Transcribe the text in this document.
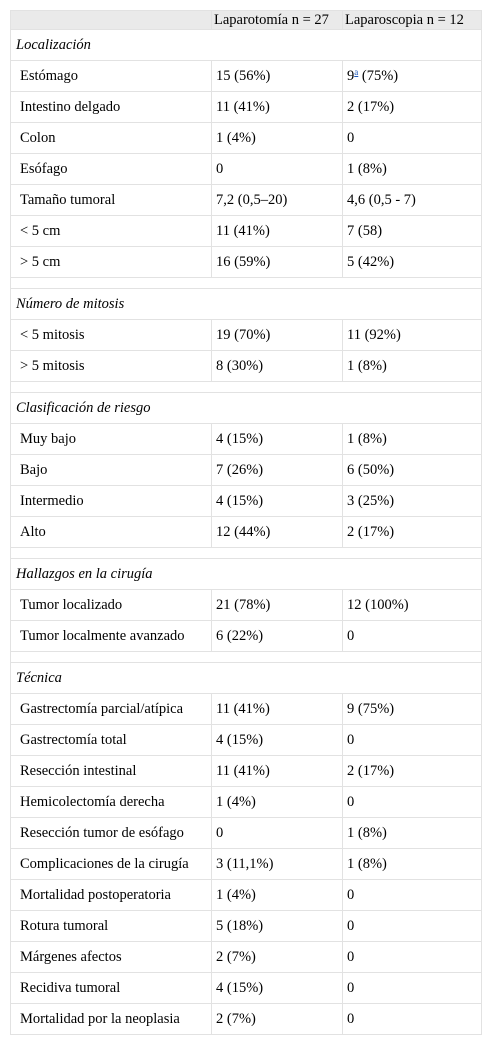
	Laparotomía n = 27	Laparoscopia n = 12
Localización		
Estómago	15 (56%)	9$^a$ (75%)
Intestino delgado	11 (41%)	2 (17%)
Colon	1 (4%)	0
Esófago	0	1 (8%)
Tamaño tumoral	7,2 (0,5–20)	4,6 (0,5 - 7)
< 5 cm	11 (41%)	7 (58)
> 5 cm	16 (59%)	5 (42%)

Número de mitosis		
< 5 mitosis	19 (70%)	11 (92%)
> 5 mitosis	8 (30%)	1 (8%)

Clasificación de riesgo		
Muy bajo	4 (15%)	1 (8%)
Bajo	7 (26%)	6 (50%)
Intermedio	4 (15%)	3 (25%)
Alto	12 (44%)	2 (17%)

Hallazgos en la cirugía		
Tumor localizado	21 (78%)	12 (100%)
Tumor localmente avanzado	6 (22%)	0

Técnica		
Gastrectomía parcial/atípica	11 (41%)	9 (75%)
Gastrectomía total	4 (15%)	0
Resección intestinal	11 (41%)	2 (17%)
Hemicolectomía derecha	1 (4%)	0
Resección tumor de esófago	0	1 (8%)
Complicaciones de la cirugía	3 (11,1%)	1 (8%)
Mortalidad postoperatoria	1 (4%)	0
Rotura tumoral	5 (18%)	0
Márgenes afectos	2 (7%)	0
Recidiva tumoral	4 (15%)	0
Mortalidad por la neoplasia	2 (7%)	0
